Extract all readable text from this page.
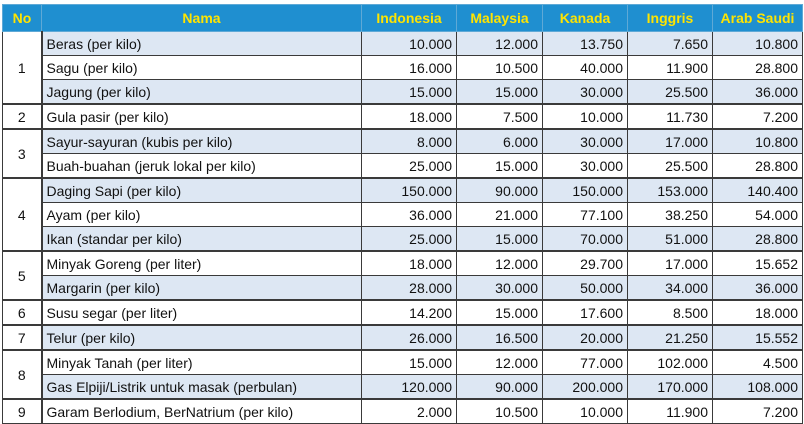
No	Nama	Indonesia	Malaysia	Kanada	Inggris	Arab Saudi
1	Beras (per kilo)	10.000	12.000	13.750	7.650	10.800
	Sagu (per kilo)	16.000	10.500	40.000	11.900	28.800
	Jagung (per kilo)	15.000	15.000	30.000	25.500	36.000
2	Gula pasir (per kilo)	18.000	7.500	10.000	11.730	7.200
3	Sayur-sayuran (kubis per kilo)	8.000	6.000	30.000	17.000	10.800
	Buah-buahan (jeruk lokal per kilo)	25.000	15.000	30.000	25.500	28.800
4	Daging Sapi (per kilo)	150.000	90.000	150.000	153.000	140.400
	Ayam (per kilo)	36.000	21.000	77.100	38.250	54.000
	Ikan (standar per kilo)	25.000	15.000	70.000	51.000	28.800
5	Minyak Goreng (per liter)	18.000	12.000	29.700	17.000	15.652
	Margarin (per kilo)	28.000	30.000	50.000	34.000	36.000
6	Susu segar (per liter)	14.200	15.000	17.600	8.500	18.000
7	Telur (per kilo)	26.000	16.500	20.000	21.250	15.552
8	Minyak Tanah (per liter)	15.000	12.000	77.000	102.000	4.500
	Gas Elpiji/Listrik untuk masak (perbulan)	120.000	90.000	200.000	170.000	108.000
9	Garam Berlodium, BerNatrium (per kilo)	2.000	10.500	10.000	11.900	7.200
